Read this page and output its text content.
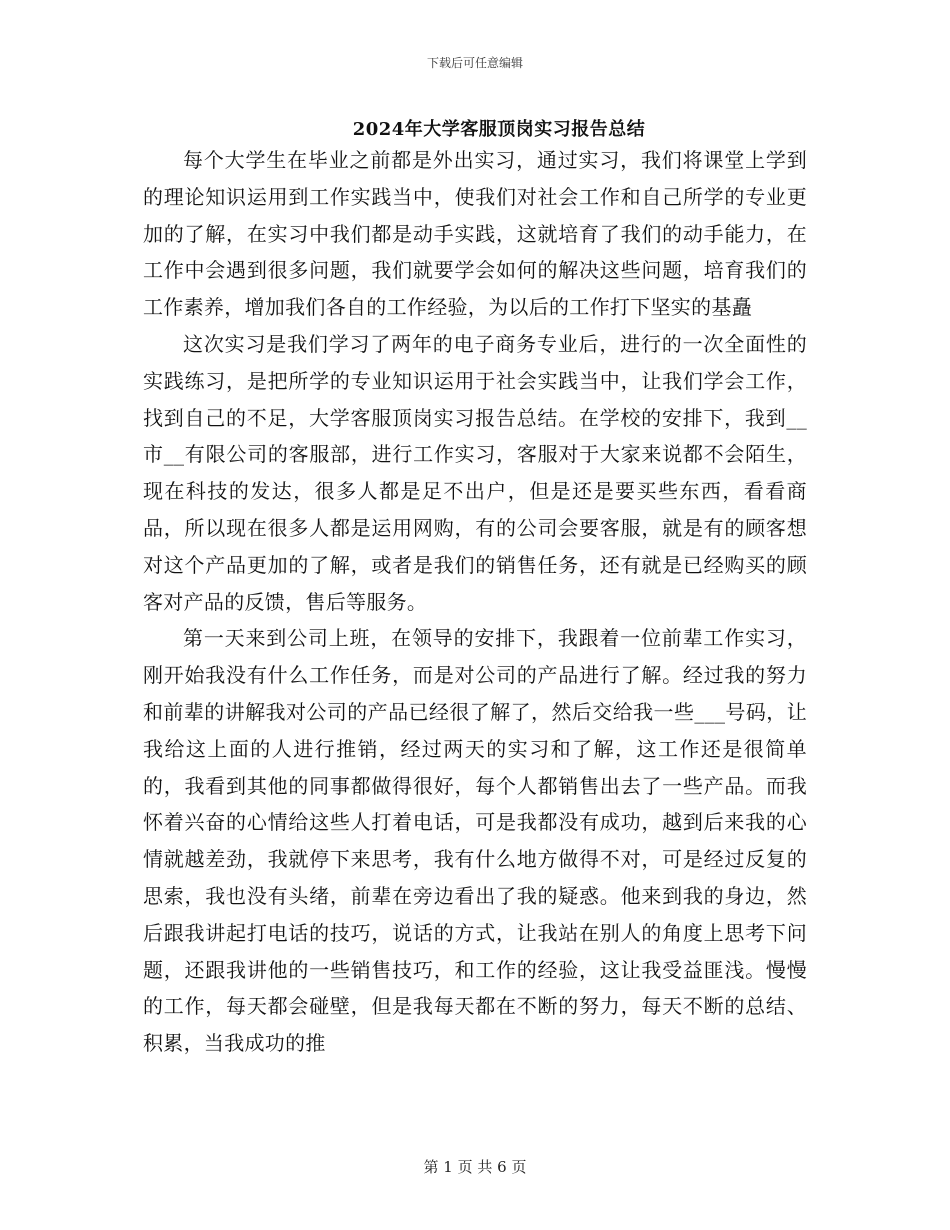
下载后可任意编辑
2024年大学客服顶岗实习报告总结

每个大学生在毕业之前都是外出实习，通过实习，我们将课堂上学到的理论知识运用到工作实践当中，使我们对社会工作和自己所学的专业更加的了解，在实习中我们都是动手实践，这就培育了我们的动手能力，在工作中会遇到很多问题，我们就要学会如何的解决这些问题，培育我们的工作素养，增加我们各自的工作经验，为以后的工作打下坚实的基矗

这次实习是我们学习了两年的电子商务专业后，进行的一次全面性的实践练习，是把所学的专业知识运用于社会实践当中，让我们学会工作，找到自己的不足，大学客服顶岗实习报告总结。在学校的安排下，我到__市__有限公司的客服部，进行工作实习，客服对于大家来说都不会陌生，现在科技的发达，很多人都是足不出户，但是还是要买些东西，看看商品，所以现在很多人都是运用网购，有的公司会要客服，就是有的顾客想对这个产品更加的了解，或者是我们的销售任务，还有就是已经购买的顾客对产品的反馈，售后等服务。

第一天来到公司上班，在领导的安排下，我跟着一位前辈工作实习，刚开始我没有什么工作任务，而是对公司的产品进行了解。经过我的努力和前辈的讲解我对公司的产品已经很了解了，然后交给我一些___号码，让我给这上面的人进行推销，经过两天的实习和了解，这工作还是很简单的，我看到其他的同事都做得很好，每个人都销售出去了一些产品。而我怀着兴奋的心情给这些人打着电话，可是我都没有成功，越到后来我的心情就越差劲，我就停下来思考，我有什么地方做得不对，可是经过反复的思索，我也没有头绪，前辈在旁边看出了我的疑惑。他来到我的身边，然后跟我讲起打电话的技巧，说话的方式，让我站在别人的角度上思考下问题，还跟我讲他的一些销售技巧，和工作的经验，这让我受益匪浅。慢慢的工作，每天都会碰壁，但是我每天都在不断的努力，每天不断的总结、积累，当我成功的推

第 1 页 共 6 页
